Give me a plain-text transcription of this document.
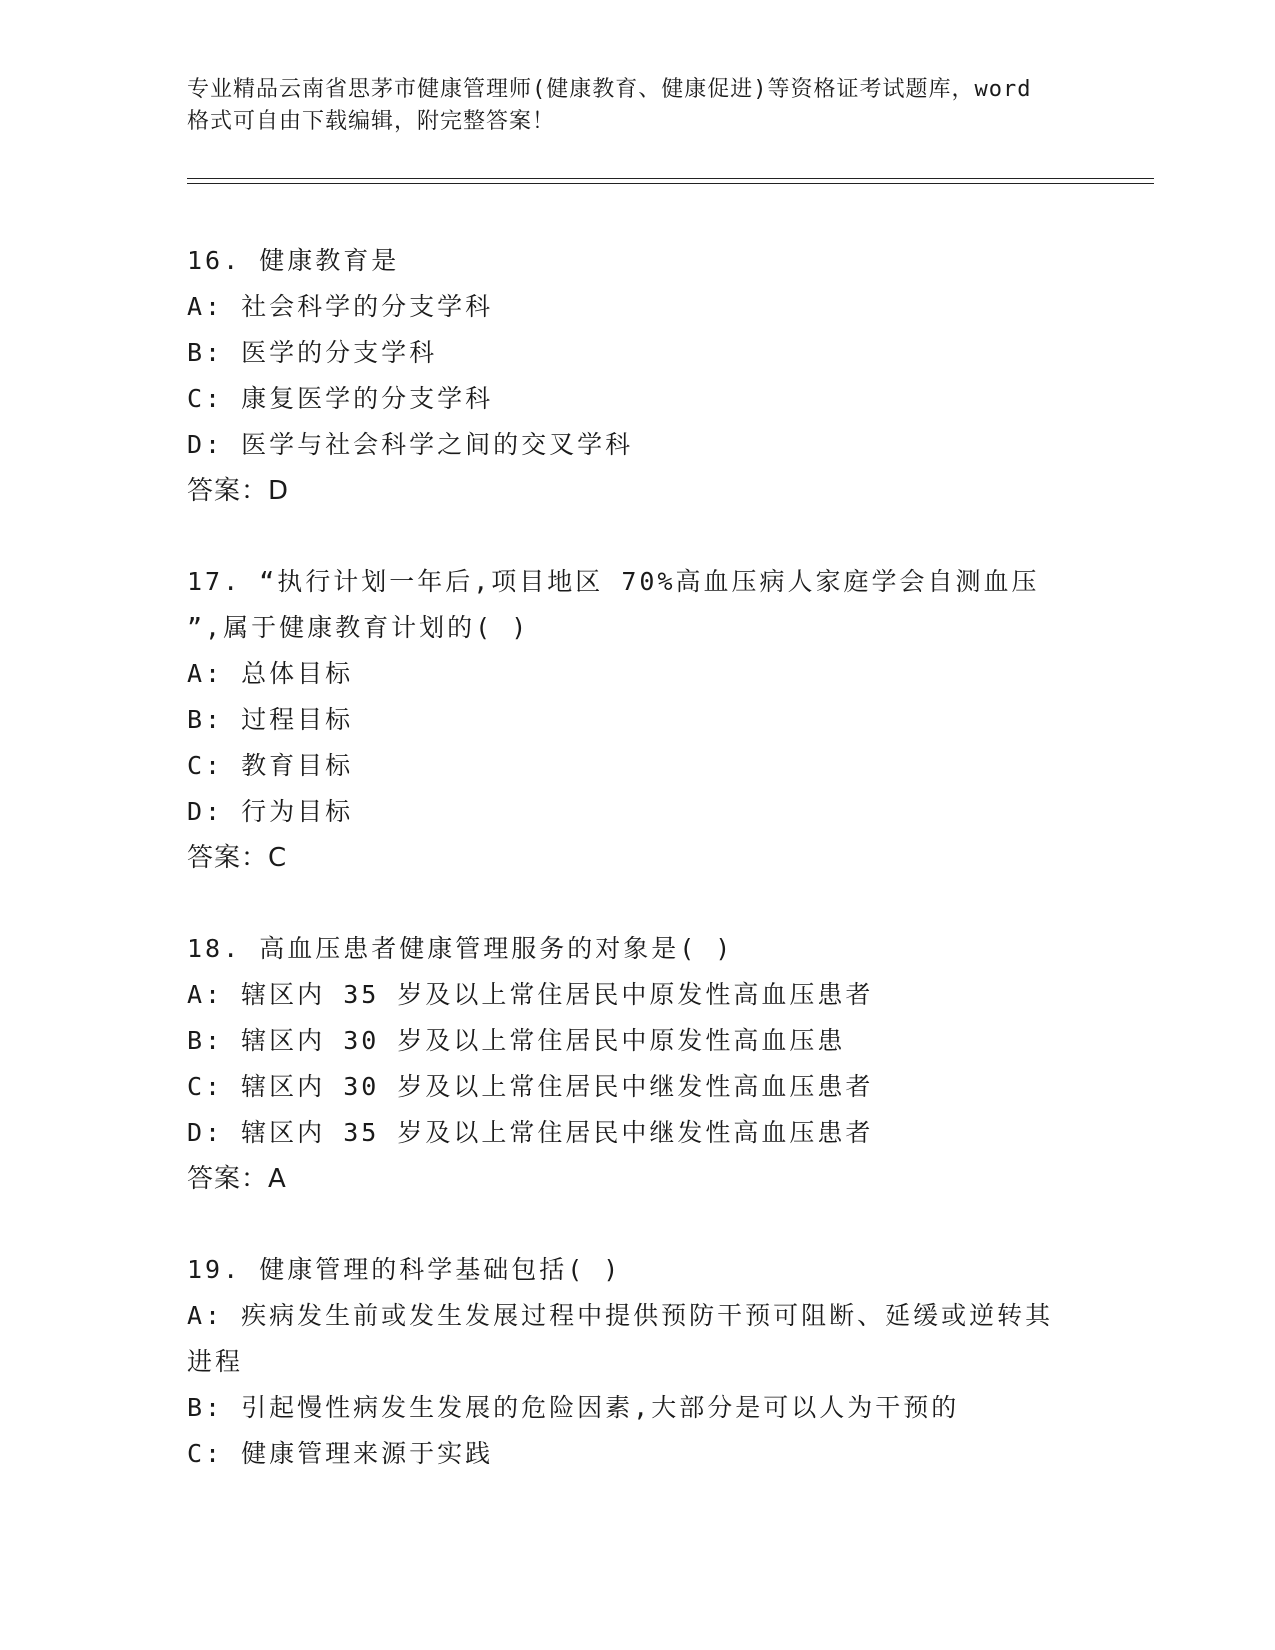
专业精品云南省思茅市健康管理师(健康教育、健康促进)等资格证考试题库，word
格式可自由下载编辑，附完整答案！
16. 健康教育是
A: 社会科学的分支学科
B: 医学的分支学科
C: 康复医学的分支学科
D: 医学与社会科学之间的交叉学科
答案：D
17. “执行计划一年后,项目地区 70%高血压病人家庭学会自测血压
”,属于健康教育计划的( )
A: 总体目标
B: 过程目标
C: 教育目标
D: 行为目标
答案：C
18. 高血压患者健康管理服务的对象是( )
A: 辖区内 35 岁及以上常住居民中原发性高血压患者
B: 辖区内 30 岁及以上常住居民中原发性高血压患
C: 辖区内 30 岁及以上常住居民中继发性高血压患者
D: 辖区内 35 岁及以上常住居民中继发性高血压患者
答案：A
19. 健康管理的科学基础包括( )
A: 疾病发生前或发生发展过程中提供预防干预可阻断、延缓或逆转其
进程
B: 引起慢性病发生发展的危险因素,大部分是可以人为干预的
C: 健康管理来源于实践
